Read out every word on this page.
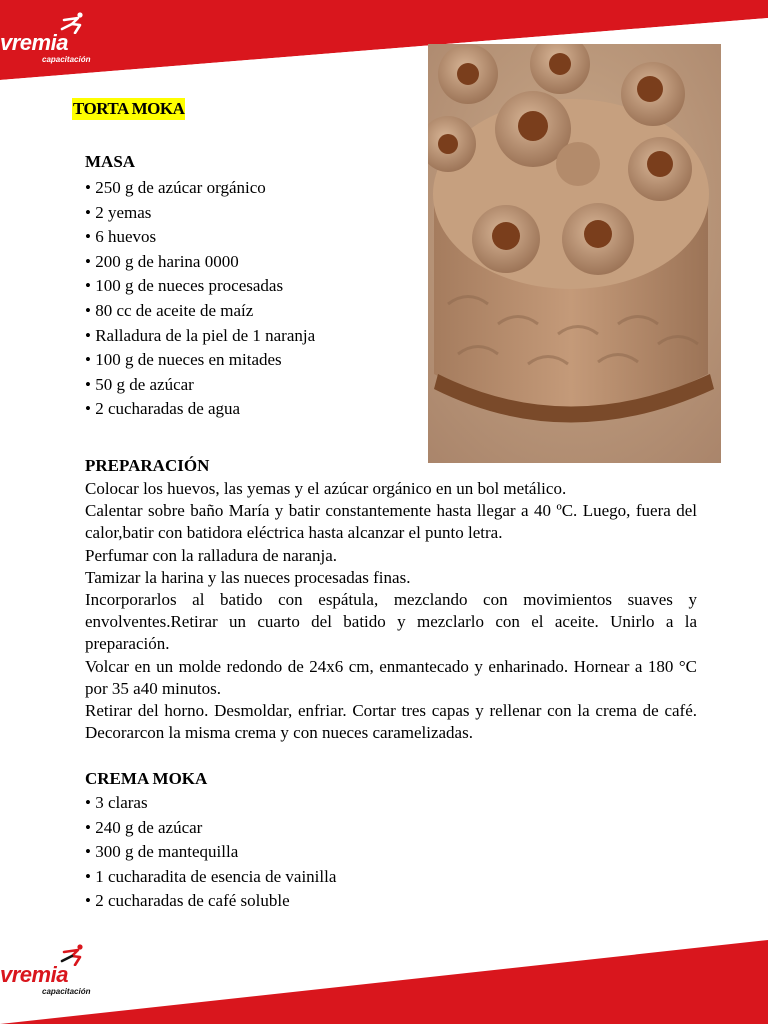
vremia
capacitación
TORTA MOKA
MASA
• 250 g de azúcar orgánico
• 2 yemas
• 6 huevos
• 200 g de harina 0000
• 100 g de nueces procesadas
• 80 cc de aceite de maíz
• Ralladura de la piel de 1 naranja
• 100 g de nueces en mitades
• 50 g de azúcar
• 2 cucharadas de agua
PREPARACIÓN

Colocar los huevos, las yemas y el azúcar orgánico en un bol metálico.

Calentar sobre baño María y batir constantemente hasta llegar a 40 ºC. Luego, fuera del calor,batir con batidora eléctrica hasta alcanzar el punto letra.

Perfumar con la ralladura de naranja.

Tamizar la harina y las nueces procesadas finas.

Incorporarlos al batido con espátula, mezclando con movimientos suaves y envolventes.Retirar un cuarto del batido y mezclarlo con el aceite. Unirlo a la preparación.

Volcar en un molde redondo de 24x6 cm, enmantecado y enharinado. Hornear a 180 °C por 35 a40 minutos.

Retirar del horno. Desmoldar, enfriar. Cortar tres capas y rellenar con la crema de café. Decorarcon la misma crema y con nueces caramelizadas.

CREMA MOKA
• 3 claras
• 240 g de azúcar
• 300 g de mantequilla
• 1 cucharadita de esencia de vainilla
• 2 cucharadas de café soluble
vremia
capacitación
